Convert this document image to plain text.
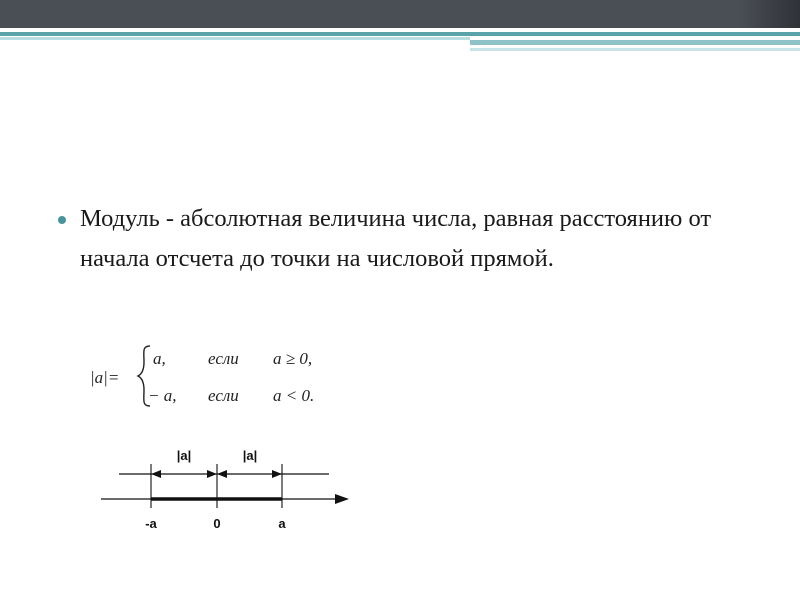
Модуль - абсолютная величина числа, равная расстоянию от начала отсчета до точки на числовой прямой.
|a|=
a, если a ≥ 0,
− a, если a < 0.
|a|	|a|
-a	0	a
